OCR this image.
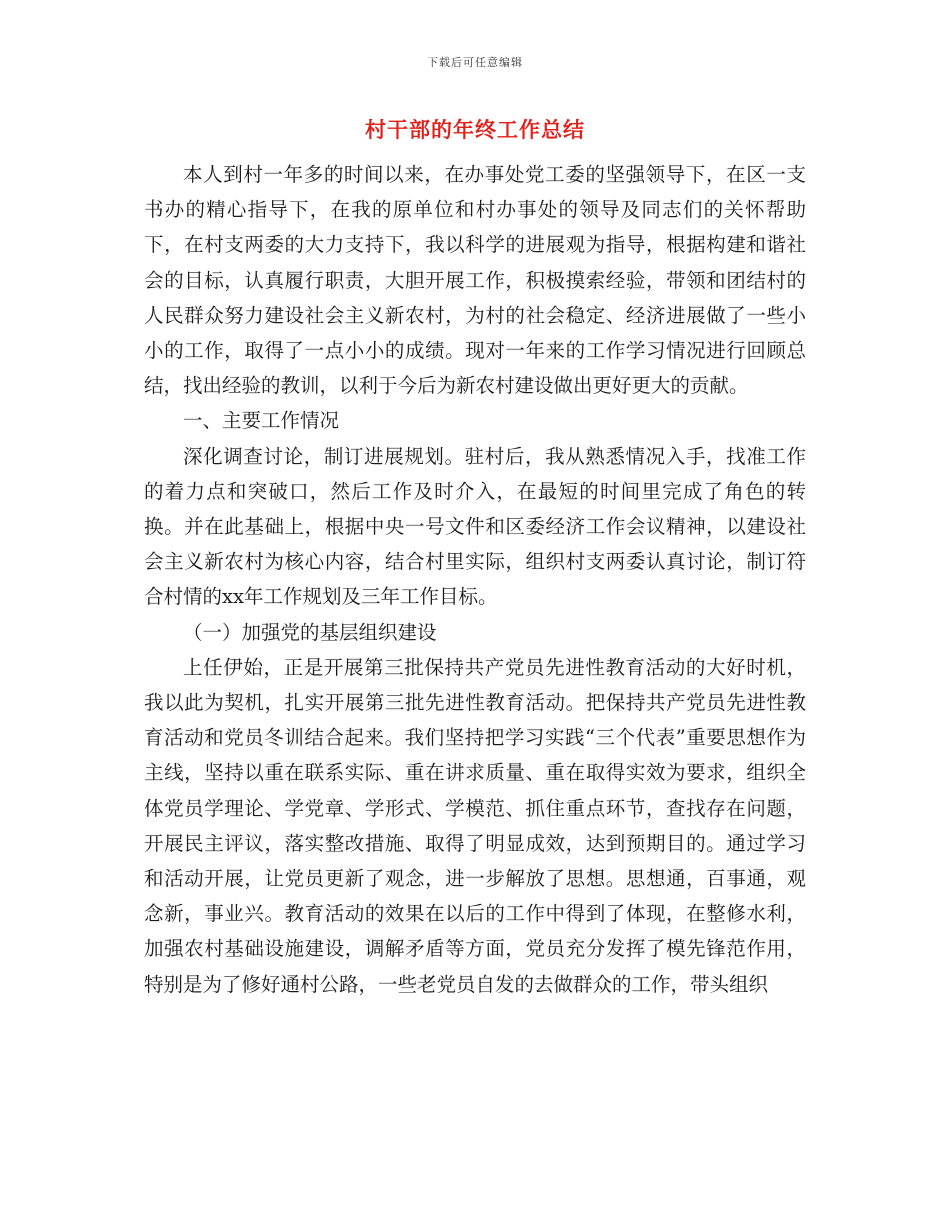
下载后可任意编辑
村干部的年终工作总结

本人到村一年多的时间以来，在办事处党工委的坚强领导下，在区一支书办的精心指导下，在我的原单位和村办事处的领导及同志们的关怀帮助下，在村支两委的大力支持下，我以科学的进展观为指导，根据构建和谐社会的目标，认真履行职责，大胆开展工作，积极摸索经验，带领和团结村的人民群众努力建设社会主义新农村，为村的社会稳定、经济进展做了一些小小的工作，取得了一点小小的成绩。现对一年来的工作学习情况进行回顾总结，找出经验的教训，以利于今后为新农村建设做出更好更大的贡献。

一、主要工作情况

深化调查讨论，制订进展规划。驻村后，我从熟悉情况入手，找准工作的着力点和突破口，然后工作及时介入，在最短的时间里完成了角色的转换。并在此基础上，根据中央一号文件和区委经济工作会议精神，以建设社会主义新农村为核心内容，结合村里实际，组织村支两委认真讨论，制订符合村情的xx年工作规划及三年工作目标。

（一）加强党的基层组织建设

上任伊始，正是开展第三批保持共产党员先进性教育活动的大好时机，我以此为契机，扎实开展第三批先进性教育活动。把保持共产党员先进性教育活动和党员冬训结合起来。我们坚持把学习实践“三个代表”重要思想作为主线，坚持以重在联系实际、重在讲求质量、重在取得实效为要求，组织全体党员学理论、学党章、学形式、学模范、抓住重点环节，查找存在问题，开展民主评议，落实整改措施、取得了明显成效，达到预期目的。通过学习和活动开展，让党员更新了观念，进一步解放了思想。思想通，百事通，观念新，事业兴。教育活动的效果在以后的工作中得到了体现，在整修水利，加强农村基础设施建设，调解矛盾等方面，党员充分发挥了模先锋范作用，特别是为了修好通村公路，一些老党员自发的去做群众的工作，带头组织
